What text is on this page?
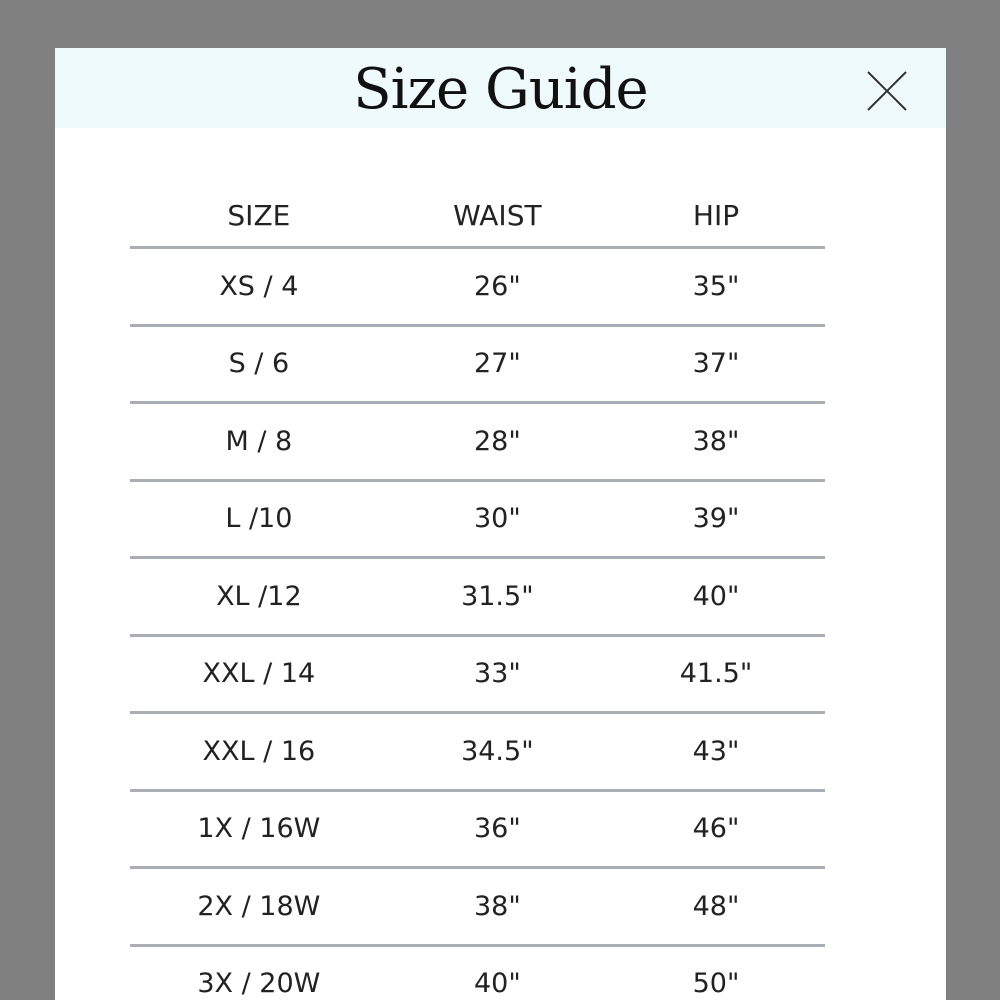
Size Guide
SIZE	WAIST	HIP
XS / 4	26"	35"
S / 6	27"	37"
M / 8	28"	38"
L /10	30"	39"
XL /12	31.5"	40"
XXL / 14	33"	41.5"
XXL / 16	34.5"	43"
1X / 16W	36"	46"
2X / 18W	38"	48"
3X / 20W	40"	50"
